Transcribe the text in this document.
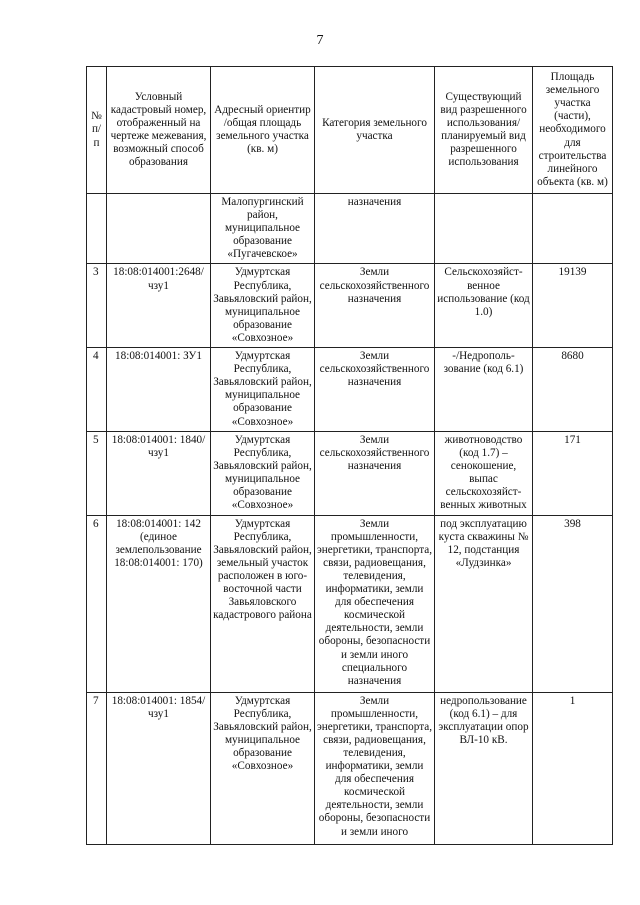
7
№ п/п	Условный кадастровый номер, отображенный на чертеже межевания, возможный способ образования	Адресный ориентир /общая площадь земельного участка (кв. м)	Категория земельного участка	Существующий вид разрешенного использования/ планируемый вид разрешенного использования	Площадь земельного участка (части), необходимого для строительства линейного объекта (кв. м)
		Малопургинский район, муниципальное образование «Пугачевское»	назначения		
3	18:08:014001:2648/ чзу1	Удмуртская Республика, Завьяловский район, муниципальное образование «Совхозное»	Земли сельскохозяйственного назначения	Сельскохозяйст-венное использование (код 1.0)	19139
4	18:08:014001: ЗУ1	Удмуртская Республика, Завьяловский район, муниципальное образование «Совхозное»	Земли сельскохозяйственного назначения	-/Недрополь-зование (код 6.1)	8680
5	18:08:014001: 1840/чзу1	Удмуртская Республика, Завьяловский район, муниципальное образование «Совхозное»	Земли сельскохозяйственного назначения	животноводство (код 1.7) – сенокошение, выпас сельскохозяйст-венных животных	171
6	18:08:014001: 142 (единое землепользование 18:08:014001: 170)	Удмуртская Республика, Завьяловский район, земельный участок расположен в юго-восточной части Завьяловского кадастрового района	Земли промышленности, энергетики, транспорта, связи, радиовещания, телевидения, информатики, земли для обеспечения космической деятельности, земли обороны, безопасности и земли иного специального назначения	под эксплуатацию куста скважины № 12, подстанция «Лудзинка»	398
7	18:08:014001: 1854/чзу1	Удмуртская Республика, Завьяловский район, муниципальное образование «Совхозное»	Земли промышленности, энергетики, транспорта, связи, радиовещания, телевидения, информатики, земли для обеспечения космической деятельности, земли обороны, безопасности и земли иного	недропользование (код 6.1) – для эксплуатации опор ВЛ-10 кВ.	1
